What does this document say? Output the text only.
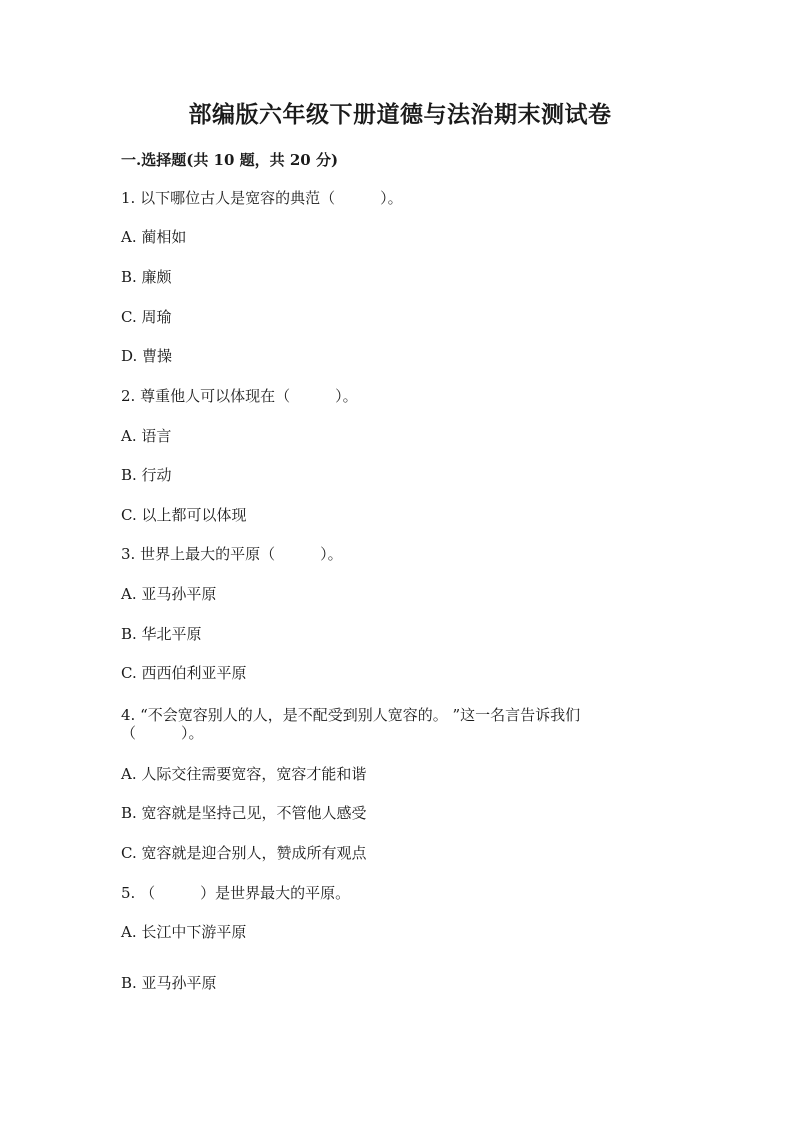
部编版六年级下册道德与法治期末测试卷
一.选择题(共 10 题，共 20 分)
1. 以下哪位古人是宽容的典范（　　　）。
A. 蔺相如
B. 廉颇
C. 周瑜
D. 曹操
2. 尊重他人可以体现在（　　　）。
A. 语言
B. 行动
C. 以上都可以体现
3. 世界上最大的平原（　　　）。
A. 亚马孙平原
B. 华北平原
C. 西西伯利亚平原
4. “不会宽容别人的人，是不配受到别人宽容的。 ”这一名言告诉我们
（　　　）。
A. 人际交往需要宽容，宽容才能和谐
B. 宽容就是坚持己见，不管他人感受
C. 宽容就是迎合别人，赞成所有观点
5. （　　　）是世界最大的平原。
A. 长江中下游平原
B. 亚马孙平原
